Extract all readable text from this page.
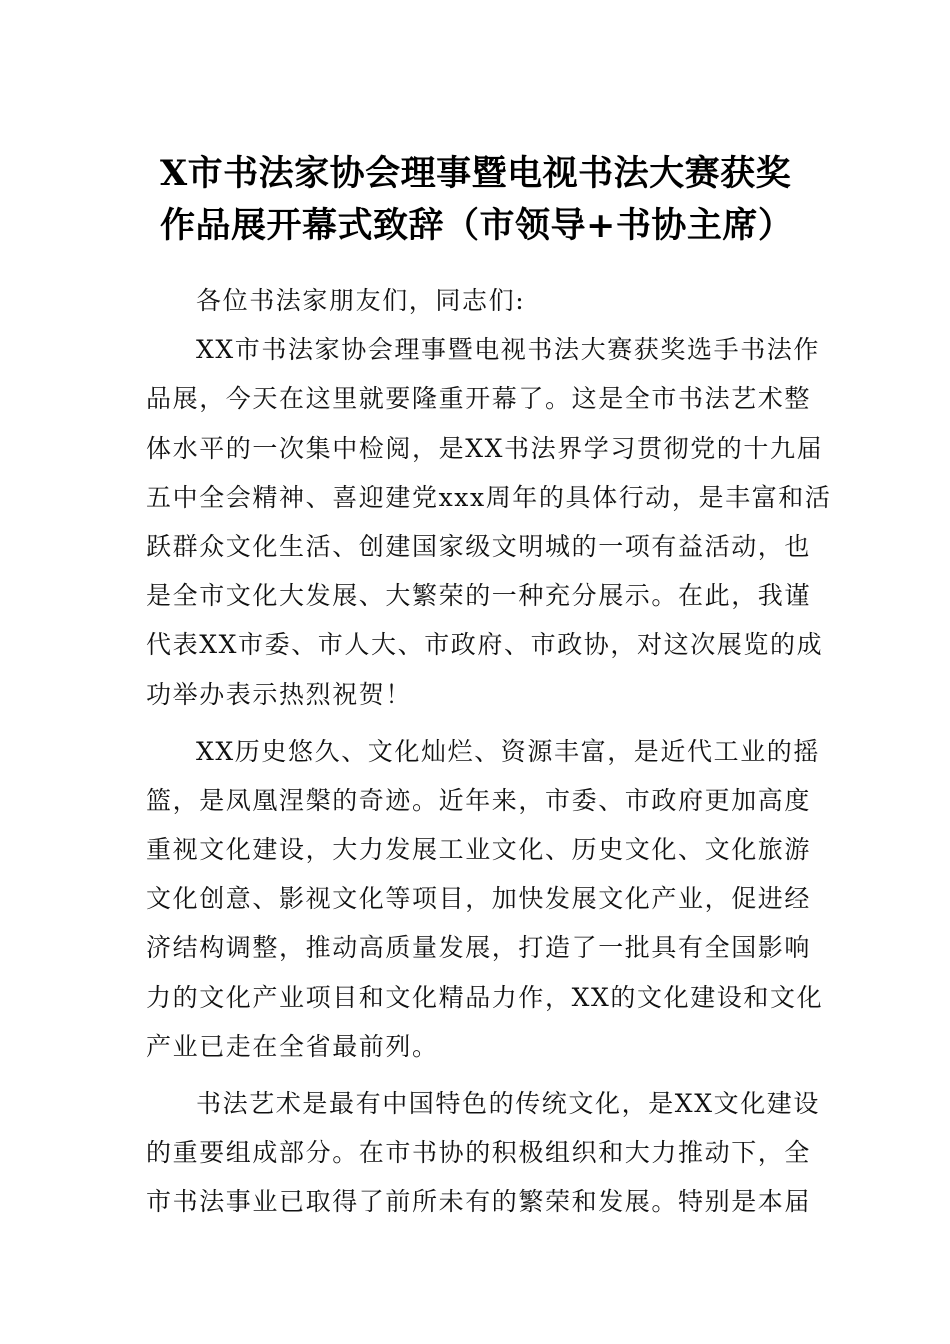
X市书法家协会理事暨电视书法大赛获奖
作品展开幕式致辞（市领导+书协主席）
各位书法家朋友们，同志们:
XX市书法家协会理事暨电视书法大赛获奖选手书法作
品展，今天在这里就要隆重开幕了。这是全市书法艺术整
体水平的一次集中检阅，是XX书法界学习贯彻党的十九届
五中全会精神、喜迎建党xxx周年的具体行动，是丰富和活
跃群众文化生活、创建国家级文明城的一项有益活动，也
是全市文化大发展、大繁荣的一种充分展示。在此，我谨
代表XX市委、市人大、市政府、市政协，对这次展览的成
功举办表示热烈祝贺！
XX历史悠久、文化灿烂、资源丰富，是近代工业的摇
篮，是凤凰涅槃的奇迹。近年来，市委、市政府更加高度
重视文化建设，大力发展工业文化、历史文化、文化旅游
文化创意、影视文化等项目，加快发展文化产业，促进经
济结构调整，推动高质量发展，打造了一批具有全国影响
力的文化产业项目和文化精品力作，XX的文化建设和文化
产业已走在全省最前列。
书法艺术是最有中国特色的传统文化，是XX文化建设
的重要组成部分。在市书协的积极组织和大力推动下，全
市书法事业已取得了前所未有的繁荣和发展。特别是本届
